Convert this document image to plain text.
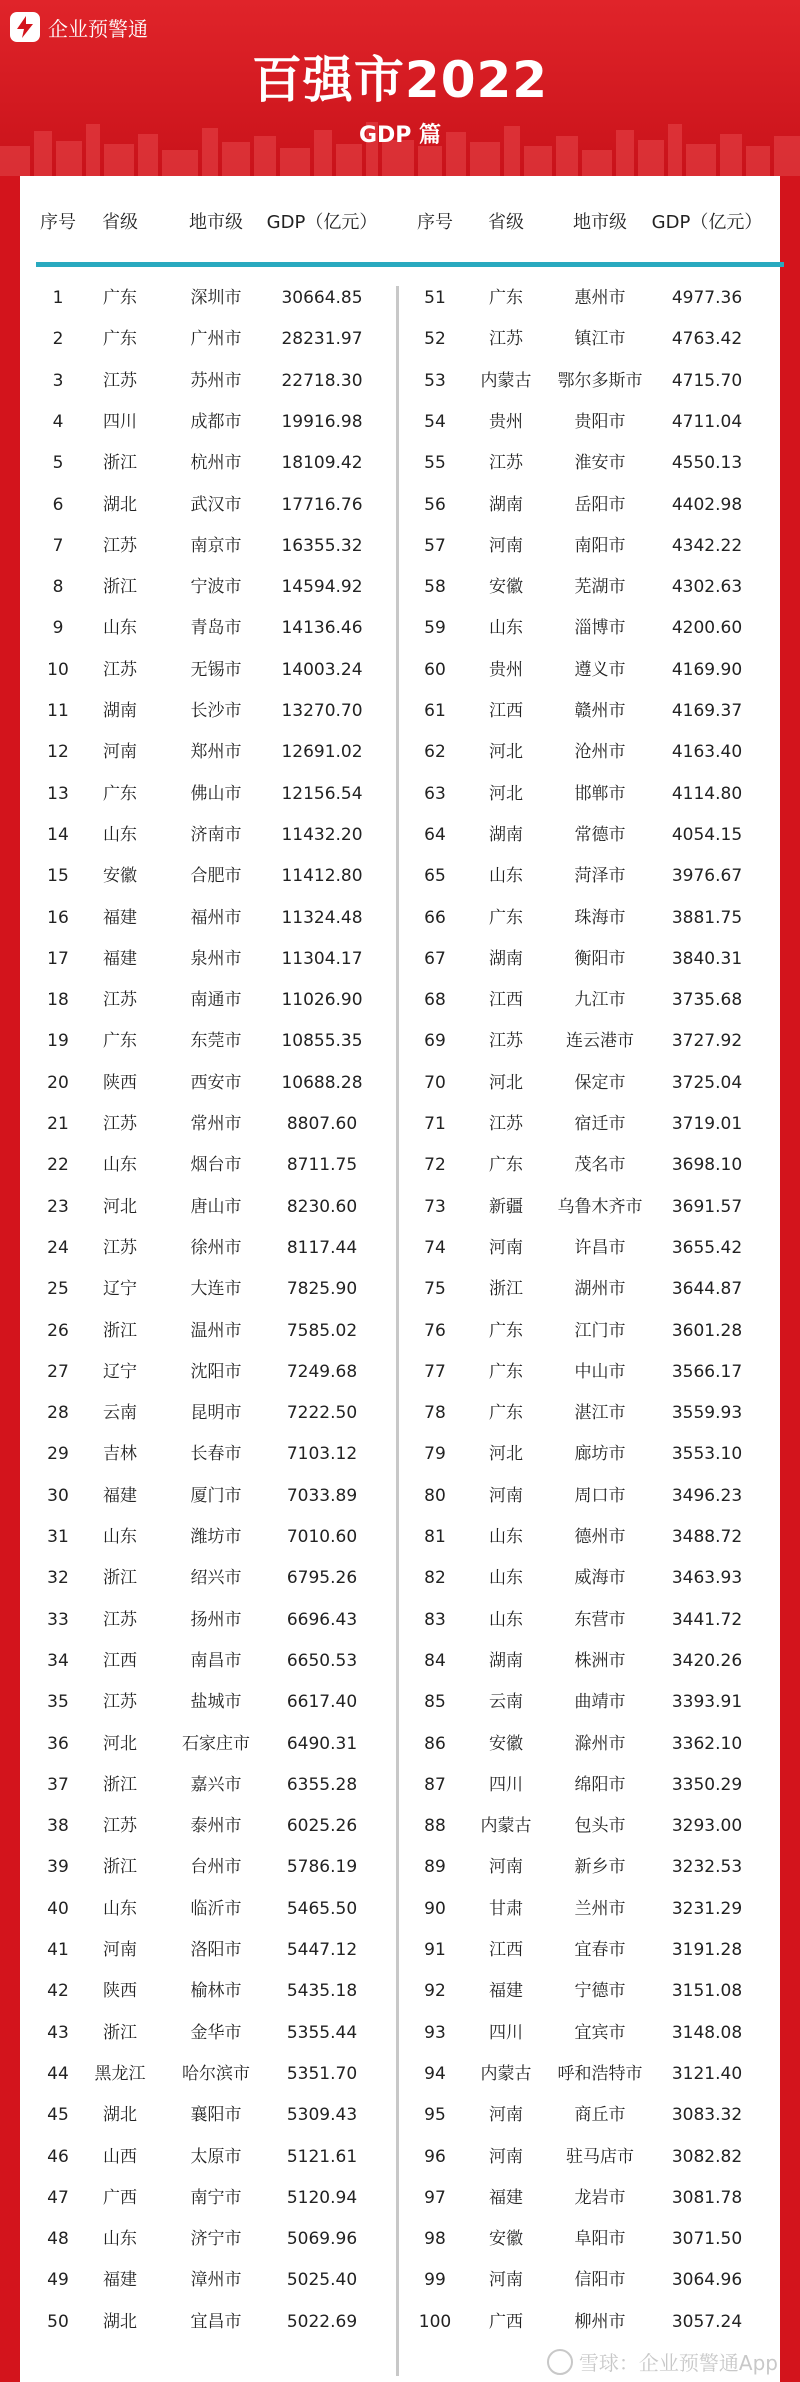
企业预警通
百强市2022
GDP 篇
序号 省级	地市级 GDP（亿元） 序号 省级	地市级 GDP（亿元）
1 广东	深圳市 30664.85
2 广东	广州市 28231.97
3 江苏	苏州市 22718.30
4 四川	成都市 19916.98
5 浙江	杭州市 18109.42
6 湖北	武汉市 17716.76
7 江苏	南京市 16355.32
8 浙江	宁波市 14594.92
9 山东	青岛市 14136.46
10 江苏	无锡市 14003.24
11 湖南	长沙市 13270.70
12 河南	郑州市 12691.02
13 广东	佛山市 12156.54
14 山东	济南市 11432.20
15 安徽	合肥市 11412.80
16 福建	福州市 11324.48
17 福建	泉州市 11304.17
18 江苏	南通市 11026.90
19 广东	东莞市 10855.35
20 陕西	西安市 10688.28
21 江苏	常州市	8807.60
22 山东	烟台市	8711.75
23 河北	唐山市	8230.60
24 江苏	徐州市	8117.44
25 辽宁	大连市	7825.90
26 浙江	温州市	7585.02
27 辽宁	沈阳市	7249.68
28 云南	昆明市	7222.50
29 吉林	长春市	7103.12
30 福建	厦门市	7033.89
31 山东	潍坊市	7010.60
32 浙江	绍兴市	6795.26
33 江苏	扬州市	6696.43
34 江西	南昌市	6650.53
35 江苏	盐城市	6617.40
36 河北	石家庄市 6490.31
37 浙江	嘉兴市	6355.28
38 江苏	泰州市	6025.26
39 浙江	台州市	5786.19
40 山东	临沂市	5465.50
41 河南	洛阳市	5447.12
42 陕西	榆林市	5435.18
43 浙江	金华市	5355.44
44 黑龙江 哈尔滨市 5351.70
45 湖北	襄阳市	5309.43
46 山西	太原市	5121.61
47 广西	南宁市	5120.94
48 山东	济宁市	5069.96
49 福建	漳州市	5025.40
50 湖北	宜昌市	5022.69
51	广东	惠州市	4977.36
52	江苏	镇江市	4763.42
53 内蒙古 鄂尔多斯市 4715.70
54	贵州	贵阳市	4711.04
55	江苏	淮安市	4550.13
56	湖南	岳阳市	4402.98
57	河南	南阳市	4342.22
58	安徽	芜湖市	4302.63
59	山东	淄博市	4200.60
60	贵州	遵义市	4169.90
61	江西	赣州市	4169.37
62	河北	沧州市	4163.40
63	河北	邯郸市	4114.80
64	湖南	常德市	4054.15
65	山东	菏泽市	3976.67
66	广东	珠海市	3881.75
67	湖南	衡阳市	3840.31
68	江西	九江市	3735.68
69	江苏	连云港市 3727.92
70	河北	保定市	3725.04
71	江苏	宿迁市	3719.01
72	广东	茂名市	3698.10
73	新疆 乌鲁木齐市 3691.57
74	河南	许昌市	3655.42
75	浙江	湖州市	3644.87
76	广东	江门市	3601.28
77	广东	中山市	3566.17
78	广东	湛江市	3559.93
79	河北	廊坊市	3553.10
80	河南	周口市	3496.23
81	山东	德州市	3488.72
82	山东	威海市	3463.93
83	山东	东营市	3441.72
84	湖南	株洲市	3420.26
85	云南	曲靖市	3393.91
86	安徽	滁州市	3362.10
87	四川	绵阳市	3350.29
88 内蒙古	包头市	3293.00
89	河南	新乡市	3232.53
90	甘肃	兰州市	3231.29
91	江西	宜春市	3191.28
92	福建	宁德市	3151.08
93	四川	宜宾市	3148.08
94 内蒙古 呼和浩特市 3121.40
95	河南	商丘市	3083.32
96	河南	驻马店市 3082.82
97	福建	龙岩市	3081.78
98	安徽	阜阳市	3071.50
99	河南	信阳市	3064.96
100 广西	柳州市	3057.24
雪球：企业预警通App
